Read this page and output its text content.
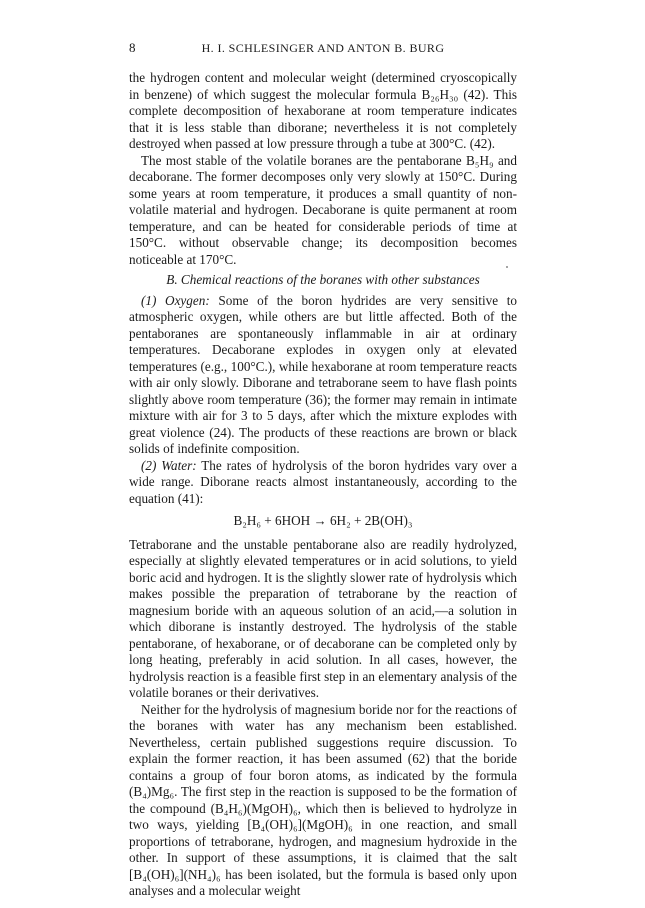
8	H. I. SCHLESINGER AND ANTON B. BURG

the hydrogen content and molecular weight (determined cryoscopically in benzene) of which suggest the molecular formula B₂₆H₃₀ (42). This complete decomposition of hexaborane at room temperature indicates that it is less stable than diborane; nevertheless it is not completely destroyed when passed at low pressure through a tube at 300°C. (42).

The most stable of the volatile boranes are the pentaborane B₅H₉ and decaborane. The former decomposes only very slowly at 150°C. During some years at room temperature, it produces a small quantity of non-volatile material and hydrogen. Decaborane is quite permanent at room temperature, and can be heated for considerable periods of time at 150°C. without observable change; its decomposition becomes noticeable at 170°C.

B. Chemical reactions of the boranes with other substances

(1) Oxygen: Some of the boron hydrides are very sensitive to atmospheric oxygen, while others are but little affected. Both of the pentaboranes are spontaneously inflammable in air at ordinary temperatures. Decaborane explodes in oxygen only at elevated temperatures (e.g., 100°C.), while hexaborane at room temperature reacts with air only slowly. Diborane and tetraborane seem to have flash points slightly above room temperature (36); the former may remain in intimate mixture with air for 3 to 5 days, after which the mixture explodes with great violence (24). The products of these reactions are brown or black solids of indefinite composition.

(2) Water: The rates of hydrolysis of the boron hydrides vary over a wide range. Diborane reacts almost instantaneously, according to the equation (41):

B₂H₆ + 6HOH → 6H₂ + 2B(OH)₃

Tetraborane and the unstable pentaborane also are readily hydrolyzed, especially at slightly elevated temperatures or in acid solutions, to yield boric acid and hydrogen. It is the slightly slower rate of hydrolysis which makes possible the preparation of tetraborane by the reaction of magnesium boride with an aqueous solution of an acid,—a solution in which diborane is instantly destroyed. The hydrolysis of the stable pentaborane, of hexaborane, or of decaborane can be completed only by long heating, preferably in acid solution. In all cases, however, the hydrolysis reaction is a feasible first step in an elementary analysis of the volatile boranes or their derivatives.

Neither for the hydrolysis of magnesium boride nor for the reactions of the boranes with water has any mechanism been established. Nevertheless, certain published suggestions require discussion. To explain the former reaction, it has been assumed (62) that the boride contains a group of four boron atoms, as indicated by the formula (B₄)Mg₆. The first step in the reaction is supposed to be the formation of the compound (B₄H₆)(MgOH)₆, which then is believed to hydrolyze in two ways, yielding [B₄(OH)₆](MgOH)₆ in one reaction, and small proportions of tetraborane, hydrogen, and magnesium hydroxide in the other. In support of these assumptions, it is claimed that the salt [B₄(OH)₆](NH₄)₆ has been isolated, but the formula is based only upon analyses and a molecular weight
